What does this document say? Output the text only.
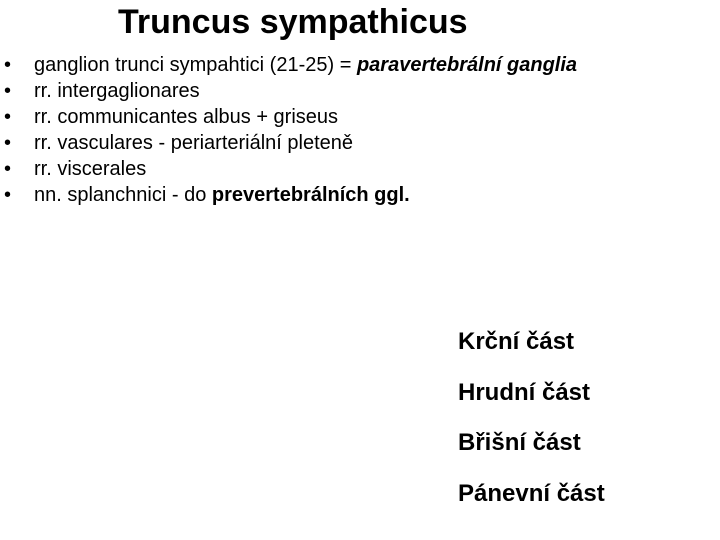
Truncus sympathicus
•	ganglion trunci sympahtici (21-25) = paravertebrální ganglia
•	rr. intergaglionares
•	rr. communicantes albus + griseus
•	rr. vasculares - periarteriální pleteně
•	rr. viscerales
•	nn. splanchnici - do prevertebrálních ggl.
Krční část
Hrudní část
Břišní část
Pánevní část
